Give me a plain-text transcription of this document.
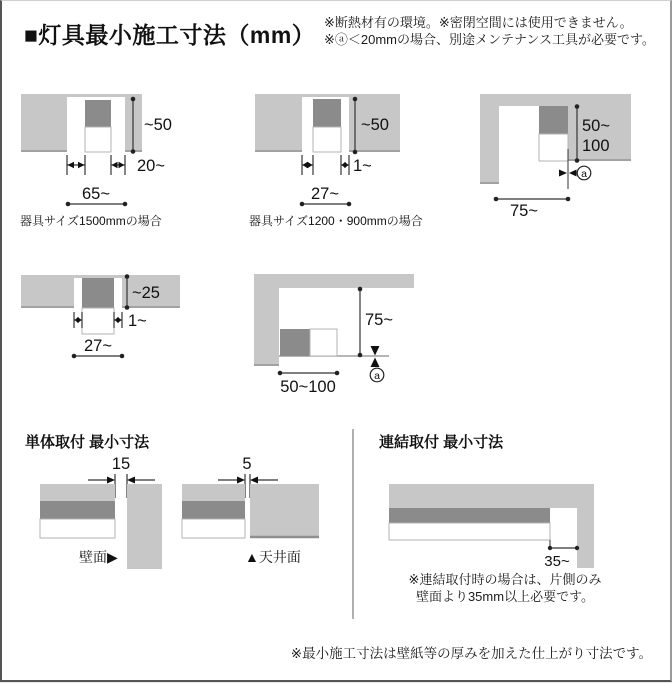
■灯具最小施工寸法（mm） ※断熱材有の環境。※密閉空間には使用できません。
※ⓐ＜20mmの場合、別途メンテナンス工具が必要です。
~50
20~
65~
器具サイズ1500mmの場合
~50
1~
27~
器具サイズ1200・900mmの場合
50~
100
a
75~
~25
1~
27~
75~
a
50~100
単体取付 最小寸法
15
壁面▶
5
▲天井面
連結取付 最小寸法
35~
※連結取付時の場合は、片側のみ
壁面より35mm以上必要です。
※最小施工寸法は壁紙等の厚みを加えた仕上がり寸法です。
